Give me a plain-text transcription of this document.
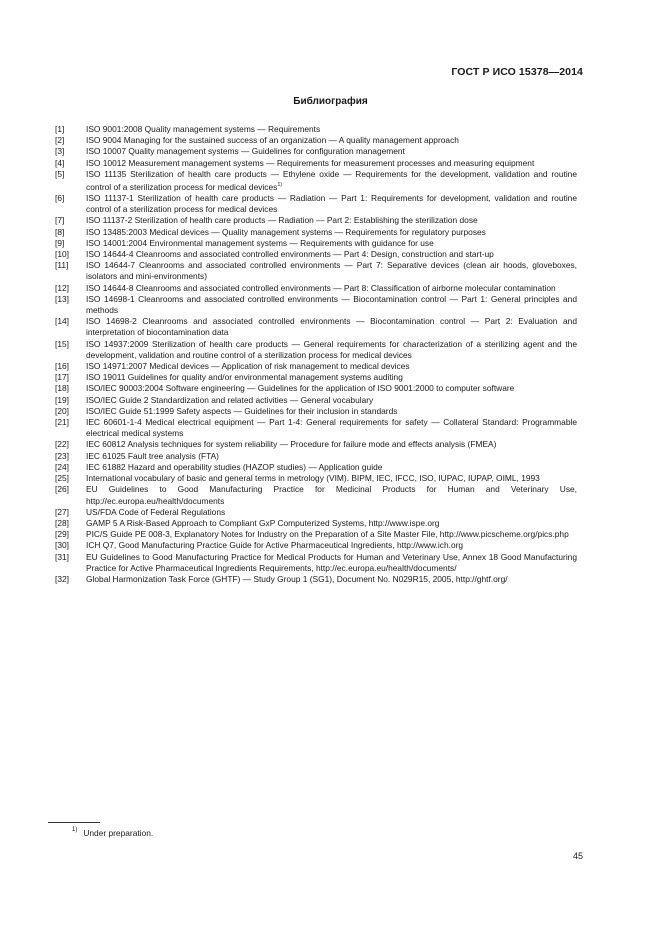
ГОСТ Р ИСО 15378—2014
Библиография
[1]	ISO 9001:2008 Quality management systems — Requirements
[2]	ISO 9004 Managing for the sustained success of an organization — A quality management approach
[3]	ISO 10007 Quality management systems — Guidelines for configuration management
[4]	ISO 10012 Measurement management systems — Requirements for measurement processes and measuring equipment
[5]	ISO 11135 Sterilization of health care products — Ethylene oxide — Requirements for the development, validation and routine control of a sterilization process for medical devices$^{1)}$
[6]	ISO 11137-1 Sterilization of health care products — Radiation — Part 1: Requirements for development, validation and routine control of a sterilization process for medical devices
[7]	ISO 11137-2 Sterilization of health care products — Radiation — Part 2: Establishing the sterilization dose
[8]	ISO 13485:2003 Medical devices — Quality management systems — Requirements for regulatory purposes
[9]	ISO 14001:2004 Environmental management systems — Requirements with guidance for use
[10]	ISO 14644-4 Cleanrooms and associated controlled environments — Part 4: Design, construction and start-up
[11]	ISO 14644-7 Cleanrooms and associated controlled environments — Part 7: Separative devices (clean air hoods, gloveboxes, isolators and mini-environments)
[12]	ISO 14644-8 Cleanrooms and associated controlled environments — Part 8: Classification of airborne molecular contamination
[13]	ISO 14698-1 Cleanrooms and associated controlled environments — Biocontamination control — Part 1: General principles and methods
[14]	ISO 14698-2 Cleanrooms and associated controlled environments — Biocontamination control — Part 2: Evaluation and interpretation of biocontamination data
[15]	ISO 14937:2009 Sterilization of health care products — General requirements for characterization of a sterilizing agent and the development, validation and routine control of a sterilization process for medical devices
[16]	ISO 14971:2007 Medical devices — Application of risk management to medical devices
[17]	ISO 19011 Guidelines for quality and/or environmental management systems auditing
[18]	ISO/IEC 90003:2004 Software engineering — Guidelines for the application of ISO 9001:2000 to computer software
[19]	ISO/IEC Guide 2 Standardization and related activities — General vocabulary
[20]	ISO/IEC Guide 51:1999 Safety aspects — Guidelines for their inclusion in standards
[21]	IEC 60601-1-4 Medical electrical equipment — Part 1-4: General requirements for safety — Collateral Standard: Programmable electrical medical systems
[22]	IEC 60812 Analysis techniques for system reliability — Procedure for failure mode and effects analysis (FMEA)
[23]	IEC 61025 Fault tree analysis (FTA)
[24]	IEC 61882 Hazard and operability studies (HAZOP studies) — Application guide
[25]	International vocabulary of basic and general terms in metrology (VIM). BIPM, IEC, IFCC, ISO, IUPAC, IUPAP, OIML, 1993
[26]	EU Guidelines to Good Manufacturing Practice for Medicinal Products for Human and Veterinary Use, http://ec.europa.eu/health/documents
[27]	US/FDA Code of Federal Regulations
[28]	GAMP 5 A Risk-Based Approach to Compliant GxP Computerized Systems, http://www.ispe.org
[29]	PIC/S Guide PE 008-3, Explanatory Notes for Industry on the Preparation of a Site Master File, http://www.picscheme.org/pics.php
[30]	ICH Q7, Good Manufacturing Practice Guide for Active Pharmaceutical Ingredients, http://www.ich.org
[31]	EU Guidelines to Good Manufacturing Practice for Medical Products for Human and Veterinary Use, Annex 18 Good Manufacturing Practice for Active Pharmaceutical Ingredients Requirements, http://ec.europa.eu/health/documents/
[32]	Global Harmonization Task Force (GHTF) — Study Group 1 (SG1), Document No. N029R15, 2005, http://ghtf.org/
1) Under preparation.
45
